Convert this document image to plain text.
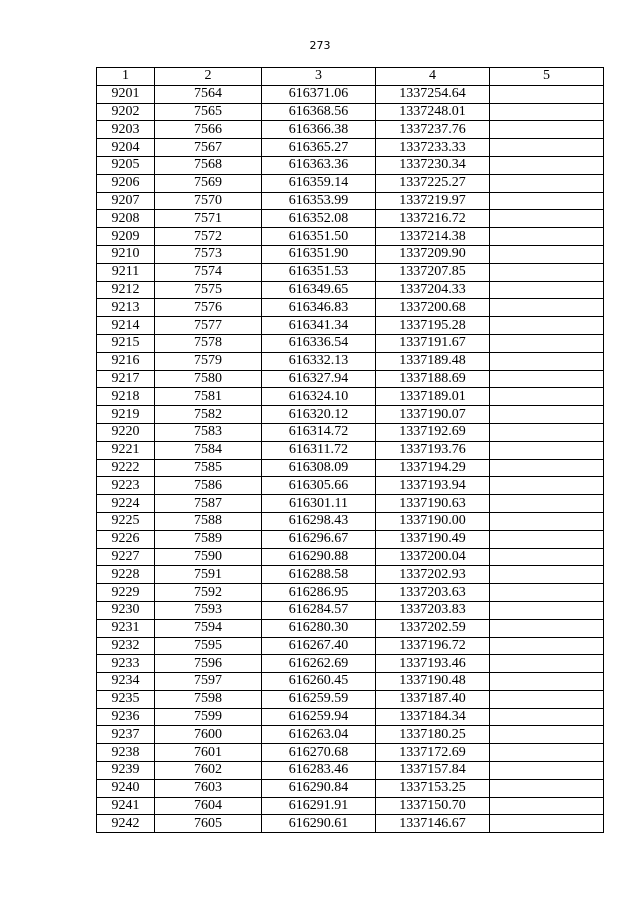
273
1	2	3	4	5
9201	7564	616371.06	1337254.64	
9202	7565	616368.56	1337248.01	
9203	7566	616366.38	1337237.76	
9204	7567	616365.27	1337233.33	
9205	7568	616363.36	1337230.34	
9206	7569	616359.14	1337225.27	
9207	7570	616353.99	1337219.97	
9208	7571	616352.08	1337216.72	
9209	7572	616351.50	1337214.38	
9210	7573	616351.90	1337209.90	
9211	7574	616351.53	1337207.85	
9212	7575	616349.65	1337204.33	
9213	7576	616346.83	1337200.68	
9214	7577	616341.34	1337195.28	
9215	7578	616336.54	1337191.67	
9216	7579	616332.13	1337189.48	
9217	7580	616327.94	1337188.69	
9218	7581	616324.10	1337189.01	
9219	7582	616320.12	1337190.07	
9220	7583	616314.72	1337192.69	
9221	7584	616311.72	1337193.76	
9222	7585	616308.09	1337194.29	
9223	7586	616305.66	1337193.94	
9224	7587	616301.11	1337190.63	
9225	7588	616298.43	1337190.00	
9226	7589	616296.67	1337190.49	
9227	7590	616290.88	1337200.04	
9228	7591	616288.58	1337202.93	
9229	7592	616286.95	1337203.63	
9230	7593	616284.57	1337203.83	
9231	7594	616280.30	1337202.59	
9232	7595	616267.40	1337196.72	
9233	7596	616262.69	1337193.46	
9234	7597	616260.45	1337190.48	
9235	7598	616259.59	1337187.40	
9236	7599	616259.94	1337184.34	
9237	7600	616263.04	1337180.25	
9238	7601	616270.68	1337172.69	
9239	7602	616283.46	1337157.84	
9240	7603	616290.84	1337153.25	
9241	7604	616291.91	1337150.70	
9242	7605	616290.61	1337146.67	
